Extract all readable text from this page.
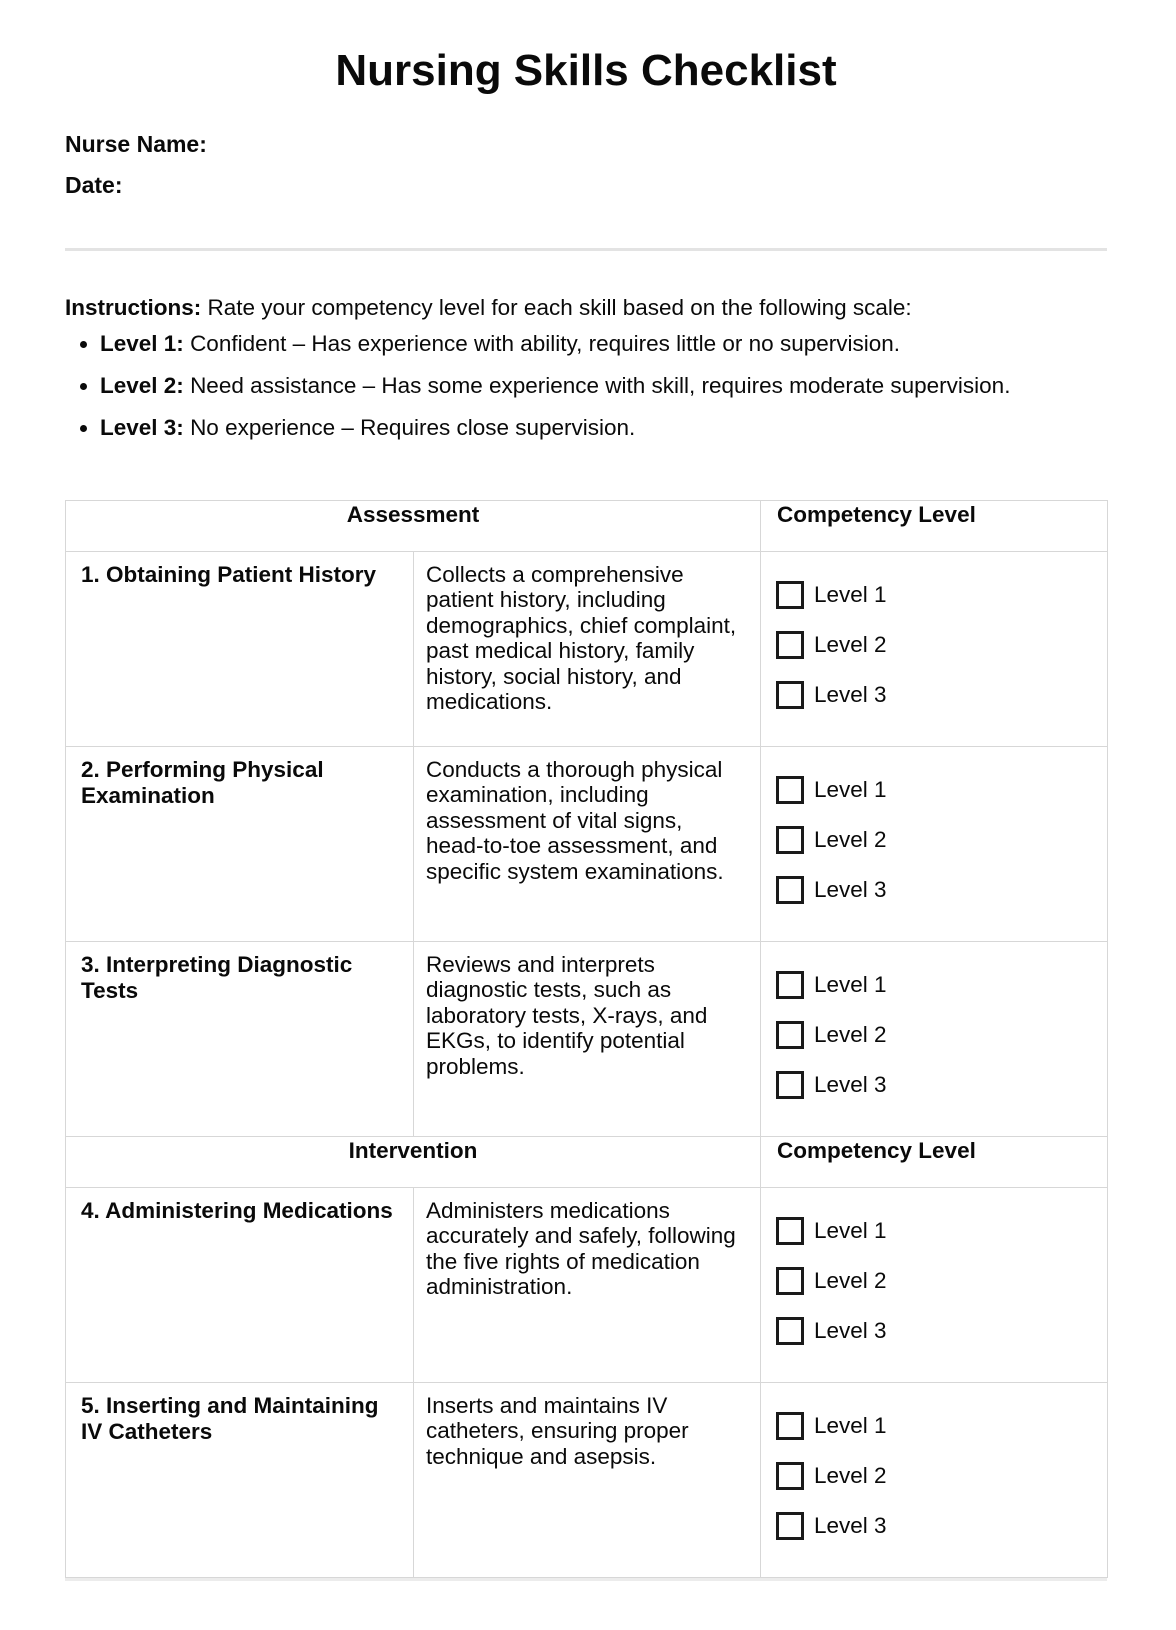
Nursing Skills Checklist
Nurse Name:
Date:

Instructions: Rate your competency level for each skill based on the following scale:

• Level 1: Confident – Has experience with ability, requires little or no supervision.
• Level 2: Need assistance – Has some experience with skill, requires moderate supervision.
• Level 3: No experience – Requires close supervision.
Assessment		Competency Level
1. Obtaining Patient History	Collects a comprehensive patient history, including demographics, chief complaint, past medical history, family history, social history, and medications.	Level 1
Level 2
Level 3

2. Performing Physical Examination	Conducts a thorough physical examination, including assessment of vital signs, head-to-toe assessment, and specific system examinations.	Level 1
Level 2
Level 3

3. Interpreting Diagnostic Tests	Reviews and interprets diagnostic tests, such as laboratory tests, X-rays, and EKGs, to identify potential problems.	Level 1
Level 2
Level 3

Intervention		Competency Level
4. Administering Medications	Administers medications accurately and safely, following the five rights of medication administration.	Level 1
Level 2
Level 3

5. Inserting and Maintaining IV Catheters	Inserts and maintains IV catheters, ensuring proper technique and asepsis.	Level 1
Level 2
Level 3
